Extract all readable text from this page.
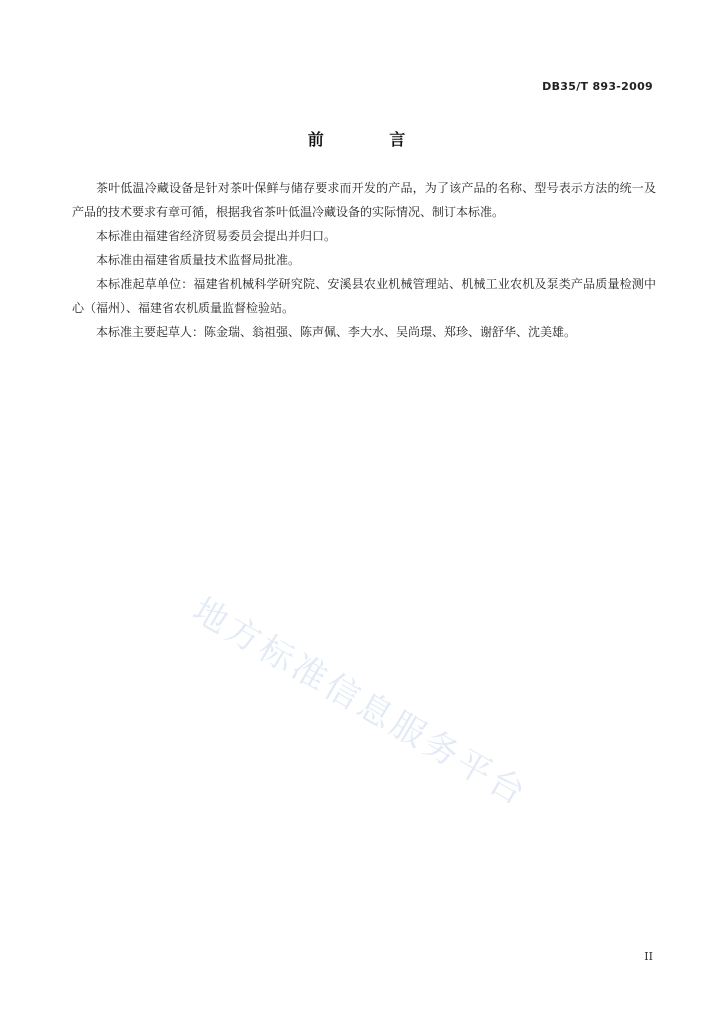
DB35/T 893-2009
前 言

茶叶低温冷藏设备是针对茶叶保鲜与储存要求而开发的产品，为了该产品的名称、型号表示方法的统一及产品的技术要求有章可循，根据我省茶叶低温冷藏设备的实际情况、制订本标准。

本标准由福建省经济贸易委员会提出并归口。

本标准由福建省质量技术监督局批准。

本标准起草单位：福建省机械科学研究院、安溪县农业机械管理站、机械工业农机及泵类产品质量检测中心（福州）、福建省农机质量监督检验站。

本标准主要起草人：陈金瑞、翁祖强、陈声佩、李大水、吴尚璟、郑珍、谢舒华、沈美雄。

地方标准信息服务平台
II
